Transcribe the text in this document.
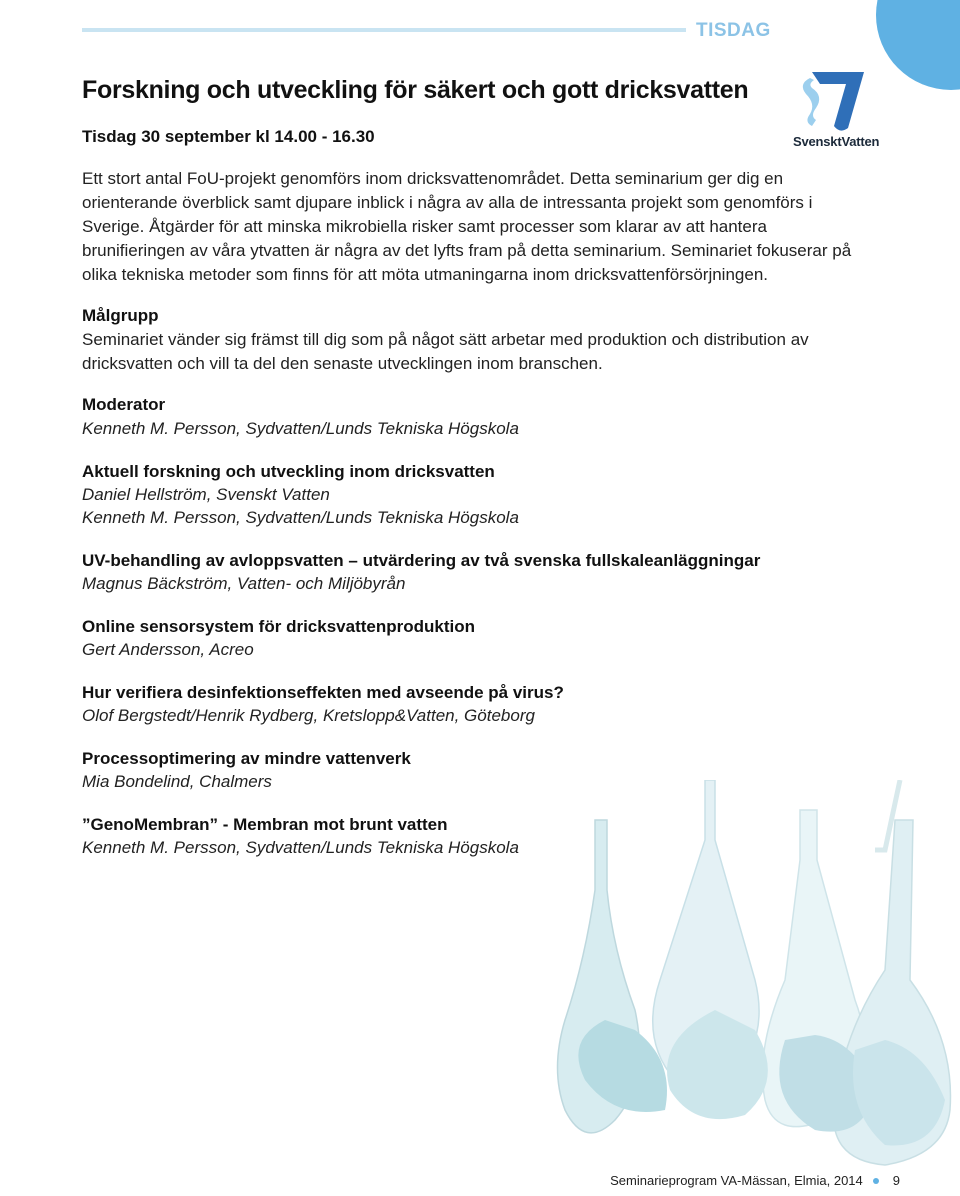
TISDAG
SvensktVatten
Forskning och utveckling för säkert och gott dricksvatten
Tisdag 30 september kl 14.00 - 16.30
Ett stort antal FoU-projekt genomförs inom dricksvattenområdet. Detta seminarium ger dig en orienterande överblick samt djupare inblick i några av alla de intressanta projekt som genomförs i Sverige. Åtgärder för att minska mikrobiella risker samt processer som klarar av att hantera brunifieringen av våra ytvatten är några av det lyfts fram på detta seminarium. Seminariet fokuserar på olika tekniska metoder som finns för att möta utmaningarna inom dricksvattenförsörjningen.
Målgrupp
Seminariet vänder sig främst till dig som på något sätt arbetar med produktion och distribution av dricksvatten och vill ta del den senaste utvecklingen inom branschen.
Moderator
Kenneth M. Persson, Sydvatten/Lunds Tekniska Högskola
Aktuell forskning och utveckling inom dricksvatten
Daniel Hellström, Svenskt Vatten
Kenneth M. Persson, Sydvatten/Lunds Tekniska Högskola
UV-behandling av avloppsvatten – utvärdering av två svenska fullskaleanläggningar
Magnus Bäckström, Vatten- och Miljöbyrån
Online sensorsystem för dricksvattenproduktion
Gert Andersson, Acreo
Hur verifiera desinfektionseffekten med avseende på virus?
Olof Bergstedt/Henrik Rydberg, Kretslopp&Vatten, Göteborg
Processoptimering av mindre vattenverk
Mia Bondelind, Chalmers
”GenoMembran” - Membran mot brunt vatten
Kenneth M. Persson, Sydvatten/Lunds Tekniska Högskola
Seminarieprogram VA-Mässan, Elmia, 2014 9
